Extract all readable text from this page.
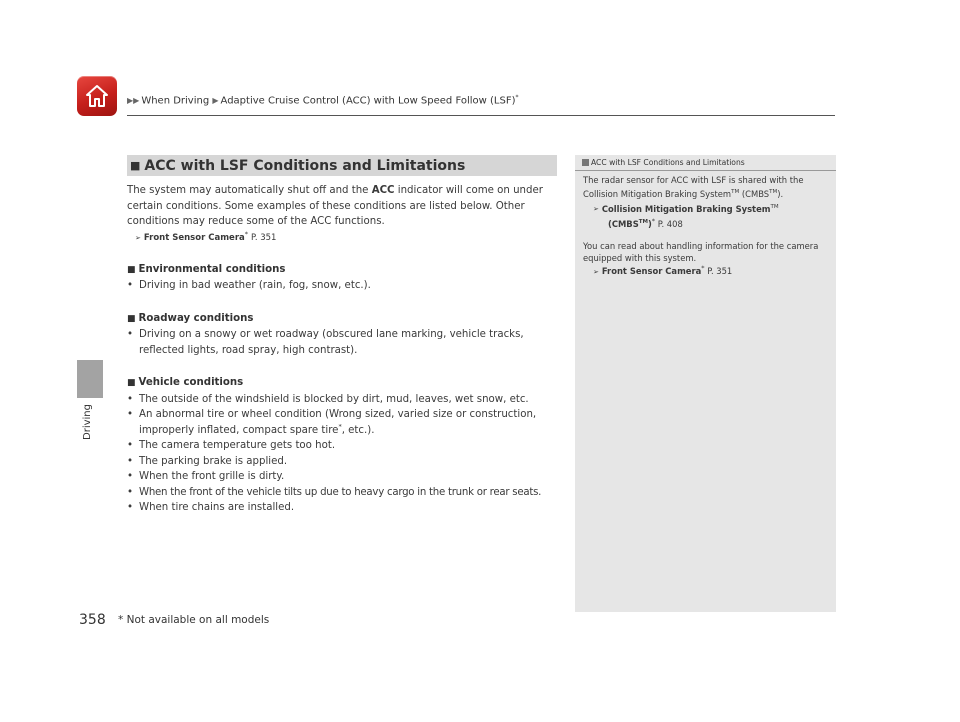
▶▶ When Driving ▶ Adaptive Cruise Control (ACC) with Low Speed Follow (LSF)*
Driving
■ ACC with LSF Conditions and Limitations

The system may automatically shut off and the ACC indicator will come on under certain conditions. Some examples of these conditions are listed below. Other conditions may reduce some of the ACC functions.

➢ Front Sensor Camera* P. 351
■ Environmental conditions
• Driving in bad weather (rain, fog, snow, etc.).
■ Roadway conditions
• Driving on a snowy or wet roadway (obscured lane marking, vehicle tracks, reflected lights, road spray, high contrast).
■ Vehicle conditions
• The outside of the windshield is blocked by dirt, mud, leaves, wet snow, etc.
• An abnormal tire or wheel condition (Wrong sized, varied size or construction, improperly inflated, compact spare tire*, etc.).
• The camera temperature gets too hot.
• The parking brake is applied.
• When the front grille is dirty.
• When the front of the vehicle tilts up due to heavy cargo in the trunk or rear seats.
• When tire chains are installed.
ACC with LSF Conditions and Limitations

The radar sensor for ACC with LSF is shared with the Collision Mitigation Braking System™ (CMBS™).

➢ Collision Mitigation Braking System™

(CMBS™)* P. 408

You can read about handling information for the camera equipped with this system.

➢ Front Sensor Camera* P. 351

358 * Not available on all models
